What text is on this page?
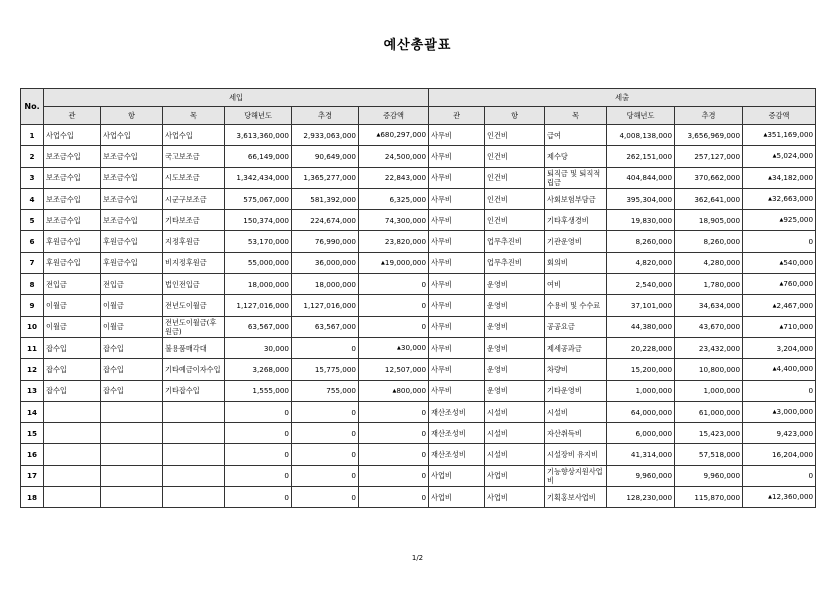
예산총괄표
No.	세입						세출					
	관	항	목	당해년도	추경	증감액	관	항	목	당해년도	추경	증감액
1	사업수입	사업수입	사업수입	3,613,360,000	2,933,063,000	▲680,297,000	사무비	인건비	급여	4,008,138,000	3,656,969,000	▲351,169,000
2	보조금수입	보조금수입	국고보조금	66,149,000	90,649,000	24,500,000	사무비	인건비	제수당	262,151,000	257,127,000	▲5,024,000
3	보조금수입	보조금수입	시도보조금	1,342,434,000	1,365,277,000	22,843,000	사무비	인건비	퇴직금 및 퇴직적립금	404,844,000	370,662,000	▲34,182,000
4	보조금수입	보조금수입	시군구보조금	575,067,000	581,392,000	6,325,000	사무비	인건비	사회보험부담금	395,304,000	362,641,000	▲32,663,000
5	보조금수입	보조금수입	기타보조금	150,374,000	224,674,000	74,300,000	사무비	인건비	기타후생경비	19,830,000	18,905,000	▲925,000
6	후원금수입	후원금수입	지정후원금	53,170,000	76,990,000	23,820,000	사무비	업무추진비	기관운영비	8,260,000	8,260,000	0
7	후원금수입	후원금수입	비지정후원금	55,000,000	36,000,000	▲19,000,000	사무비	업무추진비	회의비	4,820,000	4,280,000	▲540,000
8	전입금	전입금	법인전입금	18,000,000	18,000,000	0	사무비	운영비	여비	2,540,000	1,780,000	▲760,000
9	이월금	이월금	전년도이월금	1,127,016,000	1,127,016,000	0	사무비	운영비	수용비 및 수수료	37,101,000	34,634,000	▲2,467,000
10	이월금	이월금	전년도이월금(후원금)	63,567,000	63,567,000	0	사무비	운영비	공공요금	44,380,000	43,670,000	▲710,000
11	잡수입	잡수입	불용품매각대	30,000	0	▲30,000	사무비	운영비	제세공과금	20,228,000	23,432,000	3,204,000
12	잡수입	잡수입	기타예금이자수입	3,268,000	15,775,000	12,507,000	사무비	운영비	차량비	15,200,000	10,800,000	▲4,400,000
13	잡수입	잡수입	기타잡수입	1,555,000	755,000	▲800,000	사무비	운영비	기타운영비	1,000,000	1,000,000	0
14				0	0	0	재산조성비	시설비	시설비	64,000,000	61,000,000	▲3,000,000
15				0	0	0	재산조성비	시설비	자산취득비	6,000,000	15,423,000	9,423,000
16				0	0	0	재산조성비	시설비	시설장비 유지비	41,314,000	57,518,000	16,204,000
17				0	0	0	사업비	사업비	기능향상지원사업비	9,960,000	9,960,000	0
18				0	0	0	사업비	사업비	기획홍보사업비	128,230,000	115,870,000	▲12,360,000
1/2
